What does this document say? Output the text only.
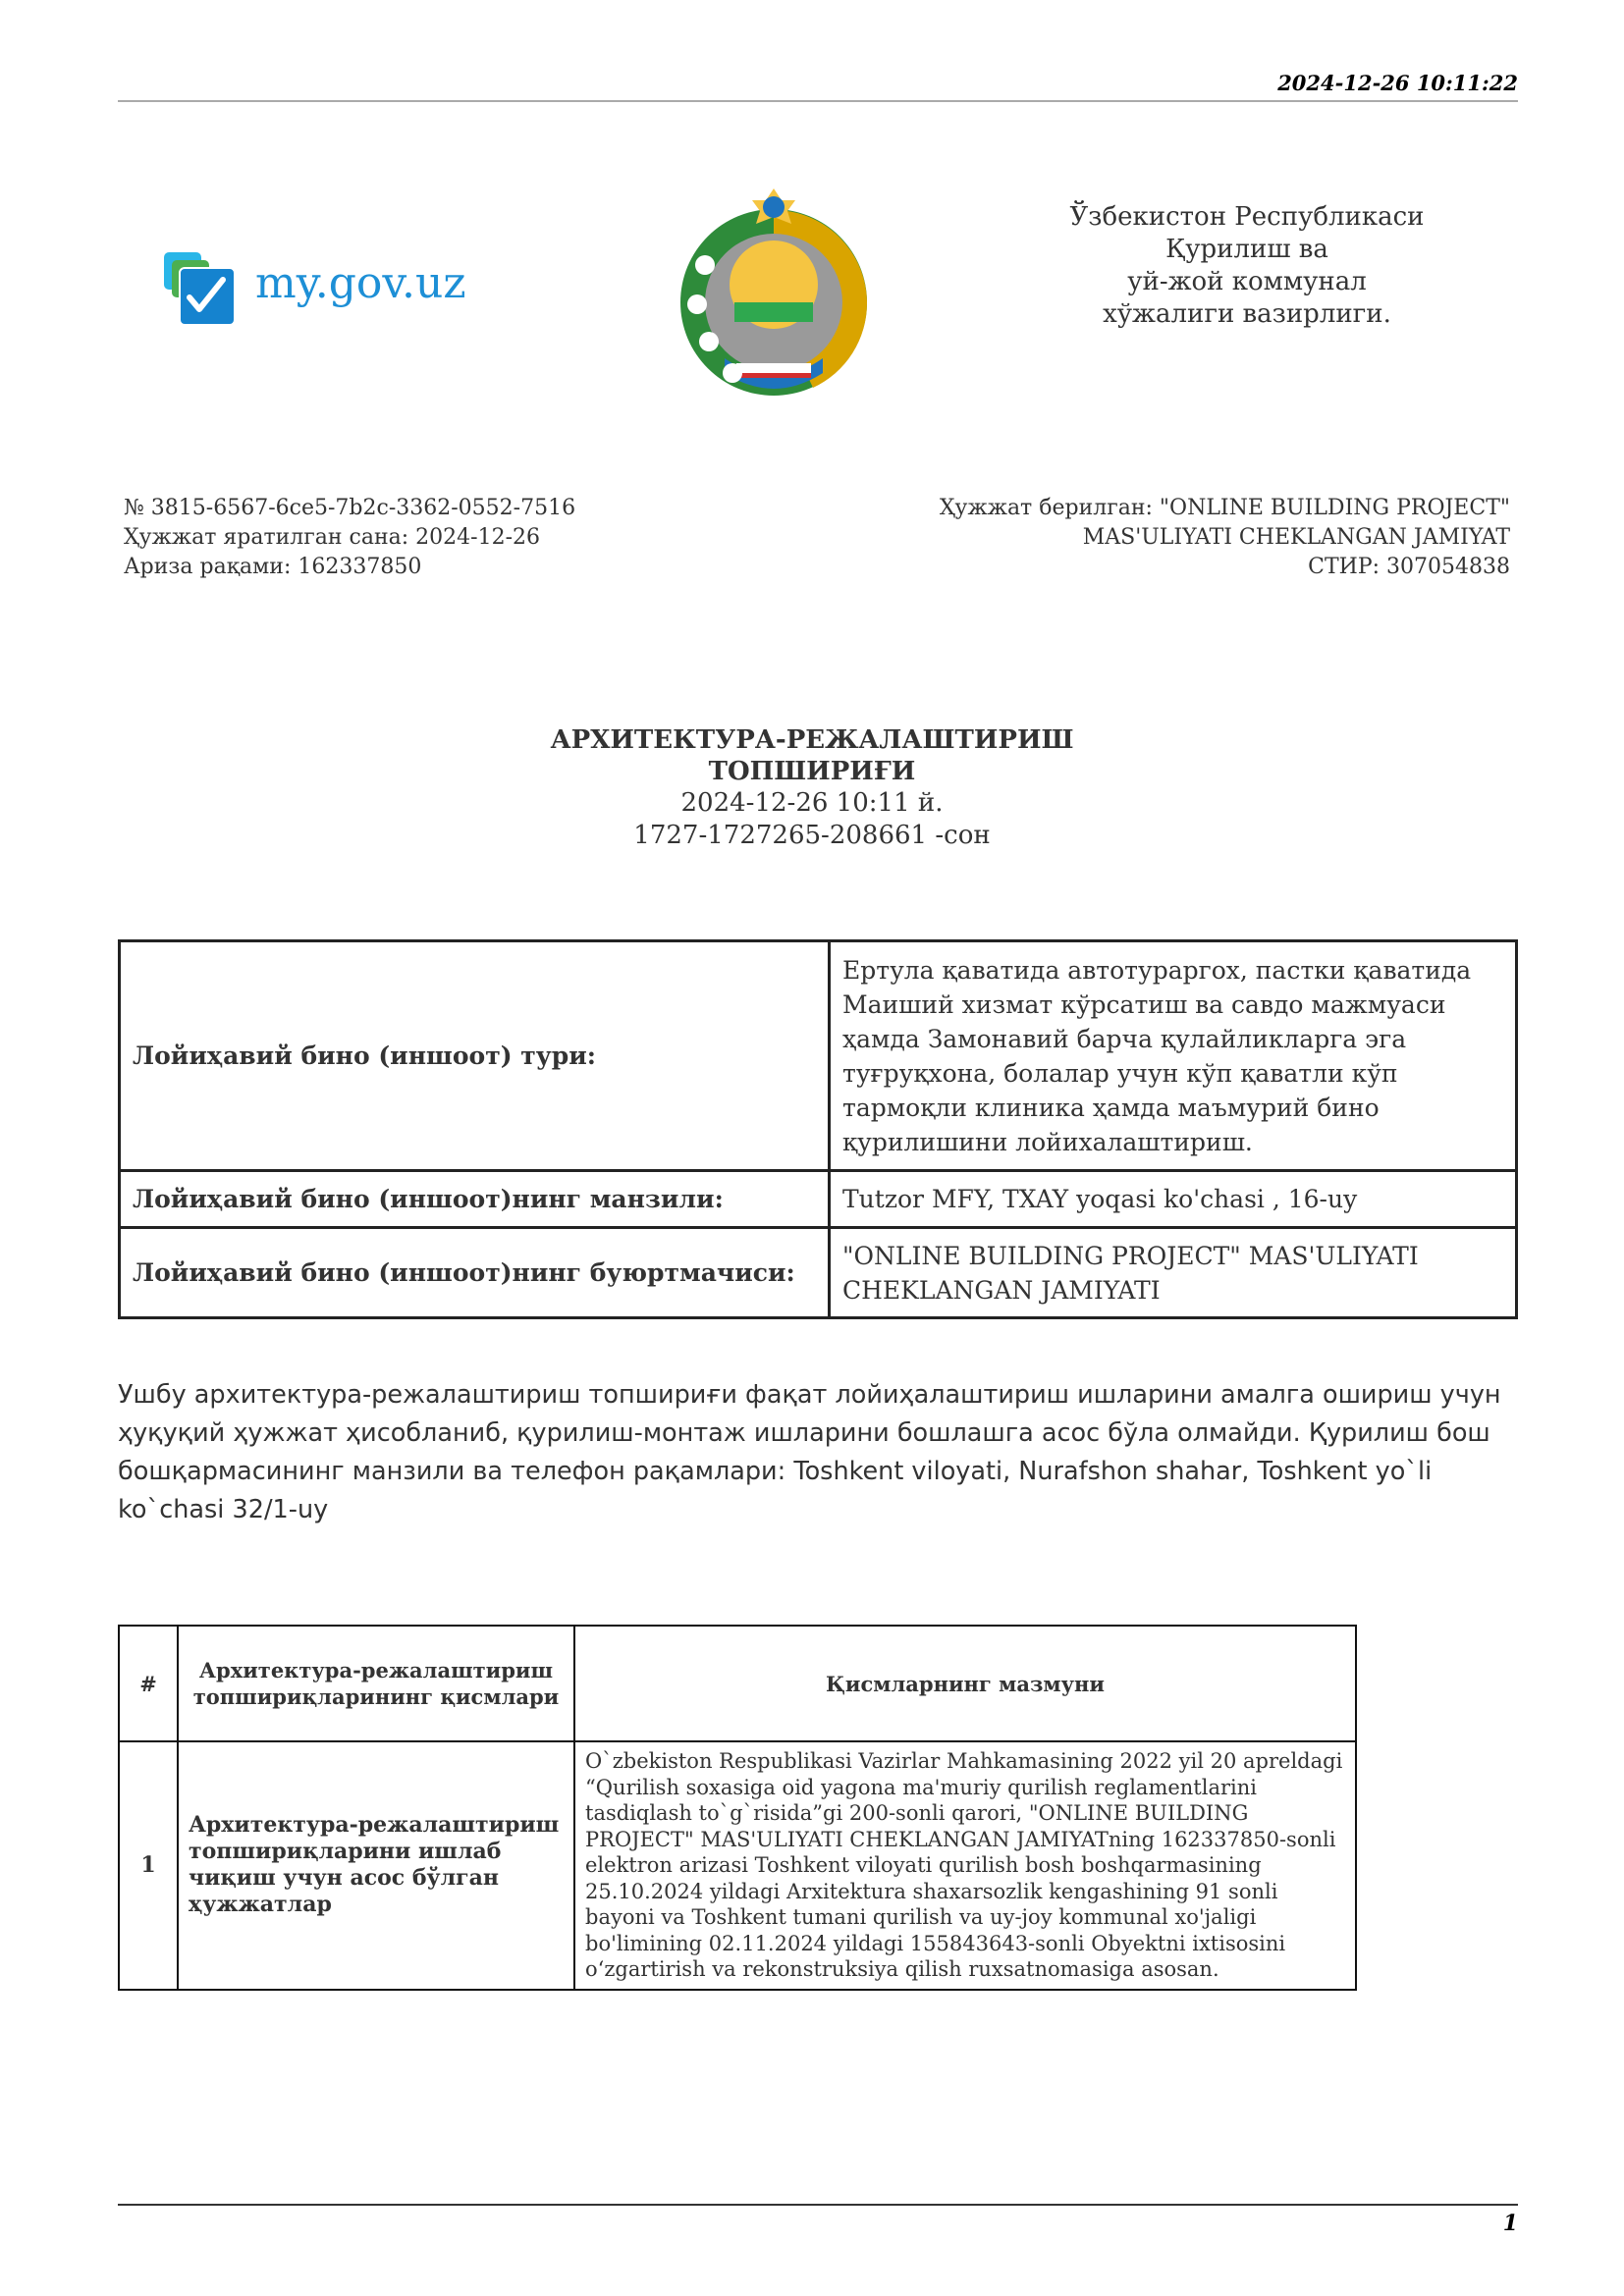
2024-12-26 10:11:22
my.gov.uz
Ўзбекистон Республикаси
Қурилиш ва
уй-жой коммунал
хўжалиги вазирлиги.
№ 3815-6567-6ce5-7b2c-3362-0552-7516
Ҳужжат яратилган сана: 2024-12-26
Ариза рақами: 162337850
Ҳужжат берилган: "ONLINE BUILDING PROJECT"
MAS'ULIYATI CHEKLANGAN JAMIYAT
СТИР: 307054838
АРХИТЕКТУРА-РЕЖАЛАШТИРИШ
ТОПШИРИҒИ
2024-12-26 10:11 й.
1727-1727265-208661 -сон
Лойиҳавий бино (иншоот) тури:	Ертула қаватида автотураргох, пастки қаватида Маиший хизмат кўрсатиш ва савдо мажмуаси ҳамда Замонавий барча қулайликларга эга туғруқхона, болалар учун кўп қаватли кўп тармоқли клиника ҳамда маъмурий бино қурилишини лойихалаштириш.
Лойиҳавий бино (иншоот)нинг манзили:	Tutzor MFY, TXAY yoqasi ko'chasi , 16-uy
Лойиҳавий бино (иншоот)нинг буюртмачиси:	"ONLINE BUILDING PROJECT" MAS'ULIYATI CHEKLANGAN JAMIYATI
Ушбу архитектура-режалаштириш топшириғи фақат лойиҳалаштириш ишларини амалга ошириш учун ҳуқуқий ҳужжат ҳисобланиб, қурилиш-монтаж ишларини бошлашга асос бўла олмайди. Қурилиш бош бошқармасининг манзили ва телефон рақамлари: Toshkent viloyati, Nurafshon shahar, Toshkent yo`li ko`chasi 32/1-uy
#	Архитектура-режалаштириш топшириқларининг қисмлари	Қисмларнинг мазмуни
1	Архитектура-режалаштириш топшириқларини ишлаб чиқиш учун асос бўлган ҳужжатлар	O`zbekiston Respublikasi Vazirlar Mahkamasining 2022 yil 20 apreldagi “Qurilish soxasiga oid yagona ma'muriy qurilish reglamentlarini tasdiqlash to`g`risida”gi 200-sonli qarori, "ONLINE BUILDING PROJECT" MAS'ULIYATI CHEKLANGAN JAMIYATning 162337850-sonli elektron arizasi Toshkent viloyati qurilish bosh boshqarmasining 25.10.2024 yildagi Arxitektura shaxarsozlik kengashining 91 sonli bayoni va Toshkent tumani qurilish va uy-joy kommunal xo'jaligi bo'limining 02.11.2024 yildagi 155843643-sonli Obyektni ixtisosini o‘zgartirish va rekonstruksiya qilish ruxsatnomasiga asosan.
1
